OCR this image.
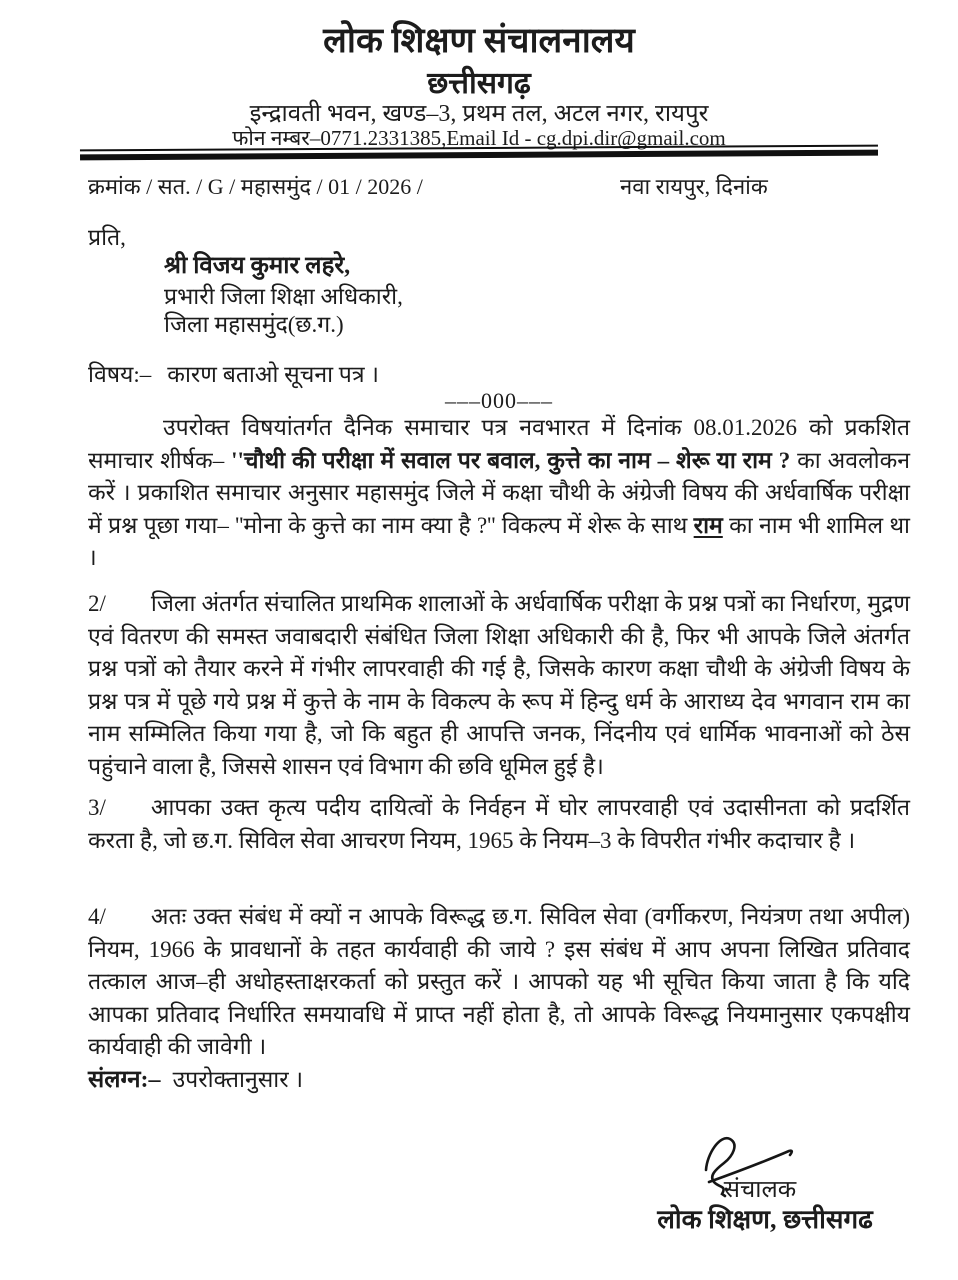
लोक शिक्षण संचालनालय
छत्तीसगढ़
इन्द्रावती भवन, खण्ड–3, प्रथम तल, अटल नगर, रायपुर
फोन नम्बर–0771.2331385,Email Id - cg.dpi.dir@gmail.com
क्रमांक / सत. / G / महासमुंद / 01 / 2026 /	नवा रायपुर, दिनांक
प्रति,
श्री विजय कुमार लहरे,
प्रभारी जिला शिक्षा अधिकारी,
जिला महासमुंद(छ.ग.)
विषय:– कारण बताओ सूचना पत्र ।
–––000–––

उपरोक्त विषयांतर्गत दैनिक समाचार पत्र नवभारत में दिनांक 08.01.2026 को प्रकशित समाचार शीर्षक– ''चौथी की परीक्षा में सवाल पर बवाल, कुत्ते का नाम – शेरू या राम ? का अवलोकन करें । प्रकाशित समाचार अनुसार महासमुंद जिले में कक्षा चौथी के अंग्रेजी विषय की अर्धवार्षिक परीक्षा में प्रश्न पूछा गया– ''मोना के कुत्ते का नाम क्या है ?'' विकल्प में शेरू के साथ राम का नाम भी शामिल था ।

2/ जिला अंतर्गत संचालित प्राथमिक शालाओं के अर्धवार्षिक परीक्षा के प्रश्न पत्रों का निर्धारण, मुद्रण एवं वितरण की समस्त जवाबदारी संबंधित जिला शिक्षा अधिकारी की है, फिर भी आपके जिले अंतर्गत प्रश्न पत्रों को तैयार करने में गंभीर लापरवाही की गई है, जिसके कारण कक्षा चौथी के अंग्रेजी विषय के प्रश्न पत्र में पूछे गये प्रश्न में कुत्ते के नाम के विकल्प के रूप में हिन्दु धर्म के आराध्य देव भगवान राम का नाम सम्मिलित किया गया है, जो कि बहुत ही आपत्ति जनक, निंदनीय एवं धार्मिक भावनाओं को ठेस पहुंचाने वाला है, जिससे शासन एवं विभाग की छवि धूमिल हुई है।

3/ आपका उक्त कृत्य पदीय दायित्वों के निर्वहन में घोर लापरवाही एवं उदासीनता को प्रदर्शित करता है, जो छ.ग. सिविल सेवा आचरण नियम, 1965 के नियम–3 के विपरीत गंभीर कदाचार है ।

4/ अतः उक्त संबंध में क्यों न आपके विरूद्ध छ.ग. सिविल सेवा (वर्गीकरण, नियंत्रण तथा अपील) नियम, 1966 के प्रावधानों के तहत कार्यवाही की जाये ? इस संबंध में आप अपना लिखित प्रतिवाद तत्काल आज–ही अधोहस्ताक्षरकर्ता को प्रस्तुत करें । आपको यह भी सूचित किया जाता है कि यदि आपका प्रतिवाद निर्धारित समयावधि में प्राप्त नहीं होता है, तो आपके विरूद्ध नियमानुसार एकपक्षीय कार्यवाही की जावेगी ।

संलग्न:– उपरोक्तानुसार ।
संचालक
लोक शिक्षण, छत्तीसगढ
